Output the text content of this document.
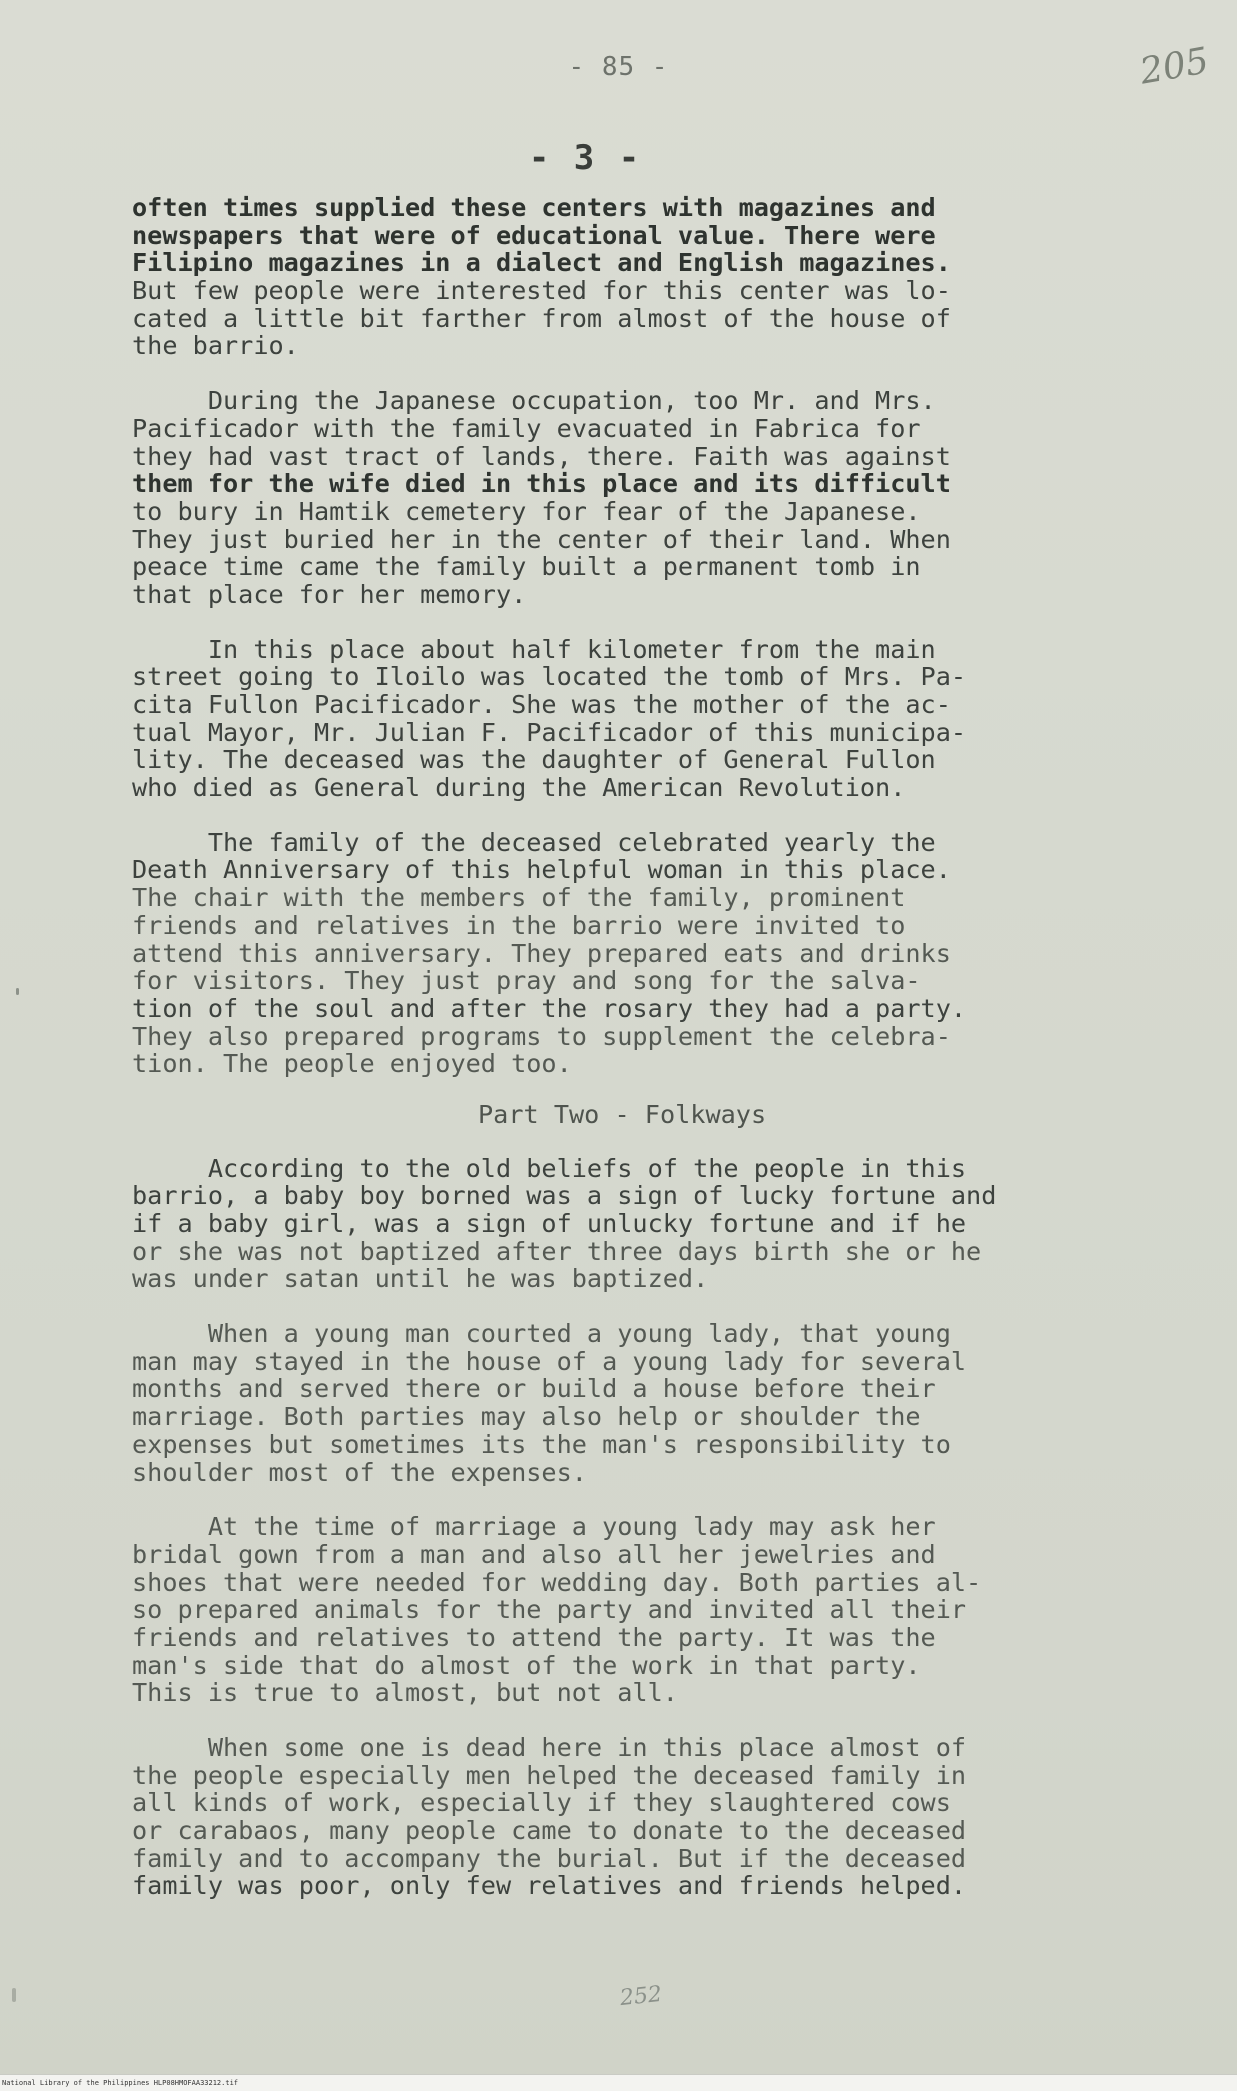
- 85 -	205
- 3 -
often times supplied these centers with magazines and
newspapers that were of educational value. There were
Filipino magazines in a dialect and English magazines.
But few people were interested for this center was lo-
cated a little bit farther from almost of the house of
the barrio.
During the Japanese occupation, too Mr. and Mrs.
Pacificador with the family evacuated in Fabrica for
they had vast tract of lands, there. Faith was against
them for the wife died in this place and its difficult
to bury in Hamtik cemetery for fear of the Japanese.
They just buried her in the center of their land. When
peace time came the family built a permanent tomb in
that place for her memory.
In this place about half kilometer from the main
street going to Iloilo was located the tomb of Mrs. Pa-
cita Fullon Pacificador. She was the mother of the ac-
tual Mayor, Mr. Julian F. Pacificador of this municipa-
lity. The deceased was the daughter of General Fullon
who died as General during the American Revolution.
The family of the deceased celebrated yearly the
Death Anniversary of this helpful woman in this place.
The chair with the members of the family, prominent
friends and relatives in the barrio were invited to
attend this anniversary. They prepared eats and drinks
for visitors. They just pray and song for the salva-
tion of the soul and after the rosary they had a party.
They also prepared programs to supplement the celebra-
tion. The people enjoyed too.
Part Two - Folkways
According to the old beliefs of the people in this
barrio, a baby boy borned was a sign of lucky fortune and
if a baby girl, was a sign of unlucky fortune and if he
or she was not baptized after three days birth she or he
was under satan until he was baptized.
When a young man courted a young lady, that young
man may stayed in the house of a young lady for several
months and served there or build a house before their
marriage. Both parties may also help or shoulder the
expenses but sometimes its the man's responsibility to
shoulder most of the expenses.
At the time of marriage a young lady may ask her
bridal gown from a man and also all her jewelries and
shoes that were needed for wedding day. Both parties al-
so prepared animals for the party and invited all their
friends and relatives to attend the party. It was the
man's side that do almost of the work in that party.
This is true to almost, but not all.
When some one is dead here in this place almost of
the people especially men helped the deceased family in
all kinds of work, especially if they slaughtered cows
or carabaos, many people came to donate to the deceased
family and to accompany the burial. But if the deceased
family was poor, only few relatives and friends helped.
252
National Library of the Philippines HLP08HMOFAA33212.tif
